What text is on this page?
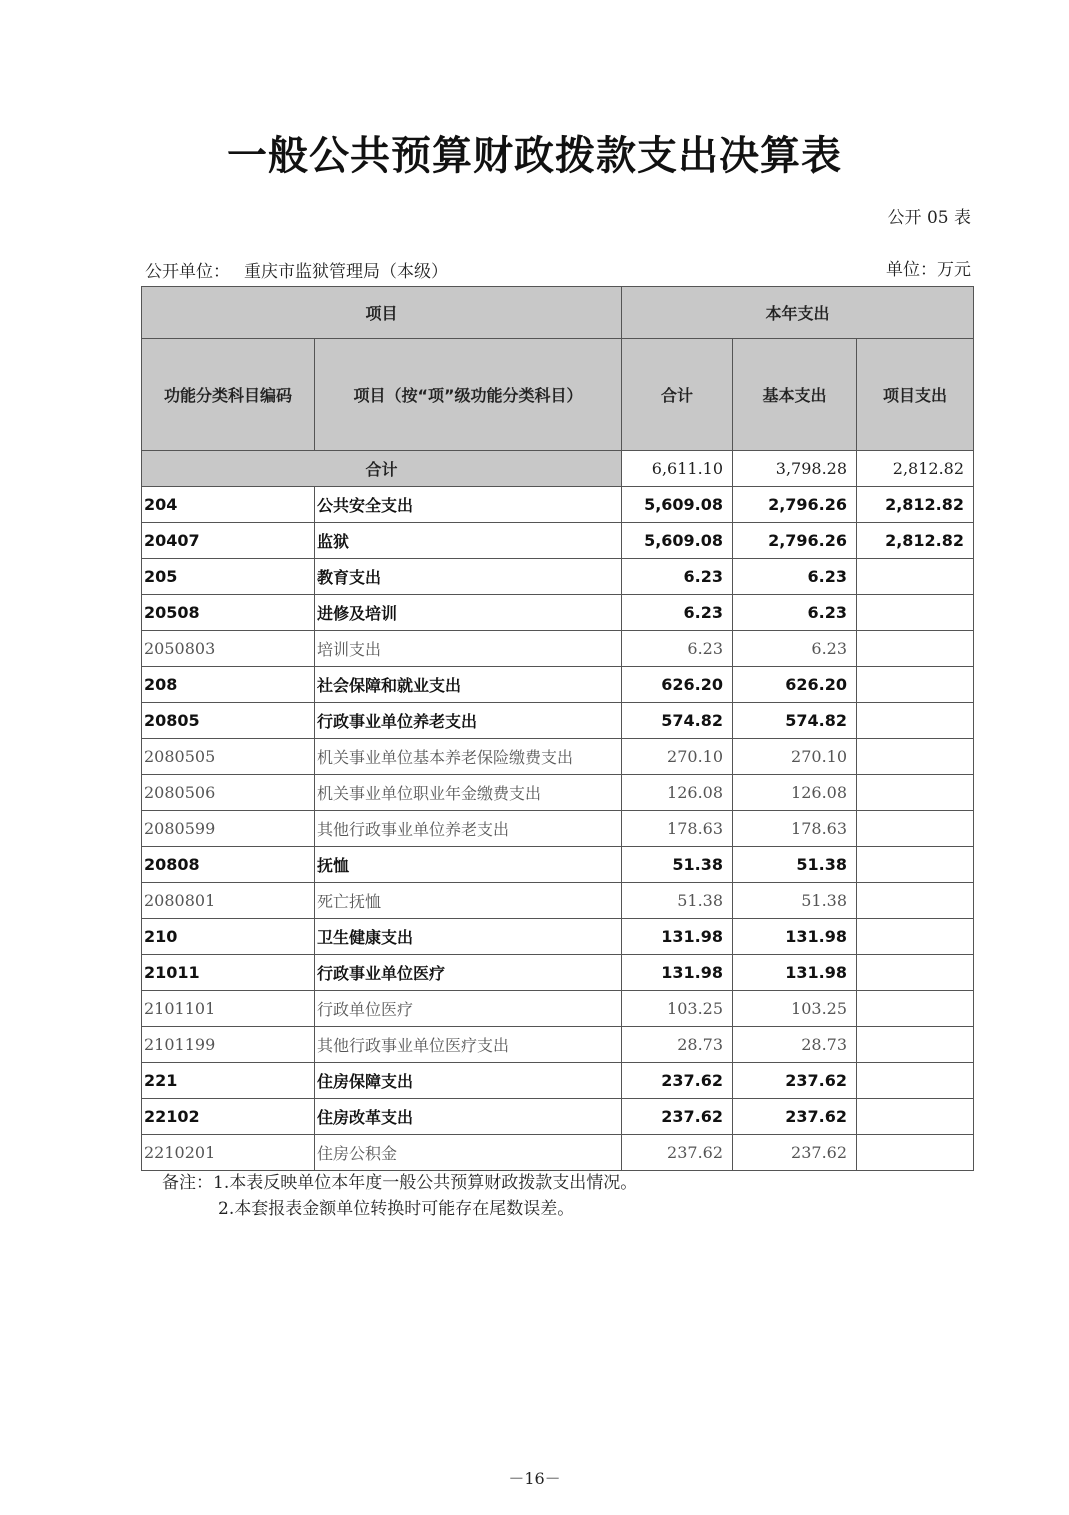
一般公共预算财政拨款支出决算表
公开 05 表
公开单位： 重庆市监狱管理局（本级）	单位：万元
项目		本年支出		
功能分类科目编码	项目（按“项”级功能分类科目）	合计	基本支出	项目支出
合计		6,611.10	3,798.28	2,812.82
204	公共安全支出	5,609.08	2,796.26	2,812.82
20407	监狱	5,609.08	2,796.26	2,812.82
205	教育支出	6.23	6.23	
20508	进修及培训	6.23	6.23	
2050803	培训支出	6.23	6.23	
208	社会保障和就业支出	626.20	626.20	
20805	行政事业单位养老支出	574.82	574.82	
2080505	机关事业单位基本养老保险缴费支出	270.10	270.10	
2080506	机关事业单位职业年金缴费支出	126.08	126.08	
2080599	其他行政事业单位养老支出	178.63	178.63	
20808	抚恤	51.38	51.38	
2080801	死亡抚恤	51.38	51.38	
210	卫生健康支出	131.98	131.98	
21011	行政事业单位医疗	131.98	131.98	
2101101	行政单位医疗	103.25	103.25	
2101199	其他行政事业单位医疗支出	28.73	28.73	
221	住房保障支出	237.62	237.62	
22102	住房改革支出	237.62	237.62	
2210201	住房公积金	237.62	237.62	
备注：1.本表反映单位本年度一般公共预算财政拨款支出情况。
2.本套报表金额单位转换时可能存在尾数误差。
－16－
